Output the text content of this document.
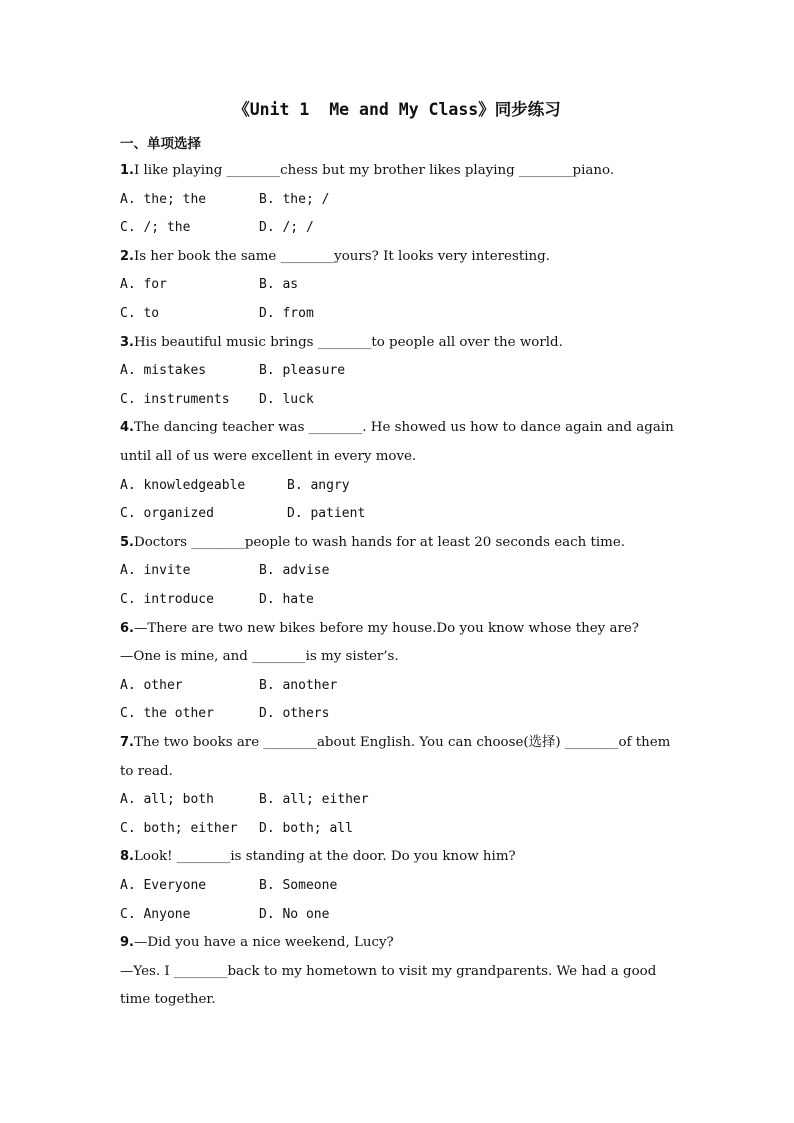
《Unit 1  Me and My Class》同步练习
一、单项选择
1.I like playing ________chess but my brother likes playing ________piano.
A. the; the	B. the; /
C. /; the	D. /; /
2.Is her book the same ________yours? It looks very interesting.
A. for	B. as
C. to	D. from
3.His beautiful music brings ________to people all over the world.
A. mistakes	B. pleasure
C. instruments D. luck
4.The dancing teacher was ________. He showed us how to dance again and again
until all of us were excellent in every move.
A. knowledgeable	B. angry
C. organized	D. patient
5.Doctors ________people to wash hands for at least 20 seconds each time.
A. invite	B. advise
C. introduce	D. hate
6.—There are two new bikes before my house.Do you know whose they are?
—One is mine, and ________is my sister’s.
A. other	B. another
C. the other	D. others
7.The two books are ________about English. You can choose(选择) ________of them
to read.
A. all; both	B. all; either
C. both; either D. both; all
8.Look! ________is standing at the door. Do you know him?
A. Everyone	B. Someone
C. Anyone	D. No one
9.—Did you have a nice weekend, Lucy?
—Yes. I ________back to my hometown to visit my grandparents. We had a good
time together.
